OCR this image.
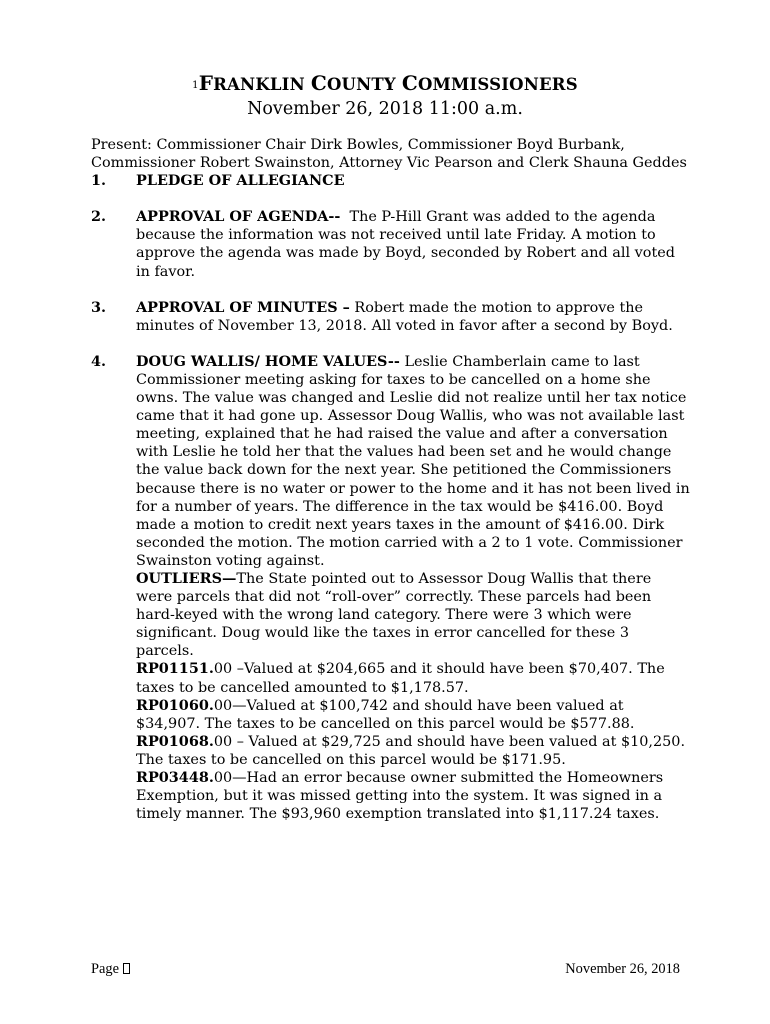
1FRANKLIN COUNTY COMMISSIONERS
November 26, 2018 11:00 a.m.

Present: Commissioner Chair Dirk Bowles, Commissioner Boyd Burbank, Commissioner Robert Swainston, Attorney Vic Pearson and Clerk Shauna Geddes

1. PLEDGE OF ALLEGIANCE

2. APPROVAL OF AGENDA--  The P-Hill Grant was added to the agenda because the information was not received until late Friday. A motion to approve the agenda was made by Boyd, seconded by Robert and all voted in favor.

3. APPROVAL OF MINUTES – Robert made the motion to approve the minutes of November 13, 2018. All voted in favor after a second by Boyd.

4. DOUG WALLIS/ HOME VALUES-- Leslie Chamberlain came to last Commissioner meeting asking for taxes to be cancelled on a home she owns. The value was changed and Leslie did not realize until her tax notice came that it had gone up. Assessor Doug Wallis, who was not available last meeting, explained that he had raised the value and after a conversation with Leslie he told her that the values had been set and he would change the value back down for the next year. She petitioned the Commissioners because there is no water or power to the home and it has not been lived in for a number of years. The difference in the tax would be $416.00. Boyd made a motion to credit next years taxes in the amount of $416.00. Dirk seconded the motion. The motion carried with a 2 to 1 vote. Commissioner Swainston voting against.

OUTLIERS—The State pointed out to Assessor Doug Wallis that there were parcels that did not “roll-over” correctly. These parcels had been hard-keyed with the wrong land category. There were 3 which were significant. Doug would like the taxes in error cancelled for these 3 parcels.

RP01151.00 –Valued at $204,665 and it should have been $70,407. The taxes to be cancelled amounted to $1,178.57.

RP01060.00—Valued at $100,742 and should have been valued at $34,907. The taxes to be cancelled on this parcel would be $577.88.

RP01068.00 – Valued at $29,725 and should have been valued at $10,250. The taxes to be cancelled on this parcel would be $171.95.

RP03448.00—Had an error because owner submitted the Homeowners Exemption, but it was missed getting into the system. It was signed in a timely manner. The $93,960 exemption translated into $1,117.24 taxes.

Page	November 26, 2018
